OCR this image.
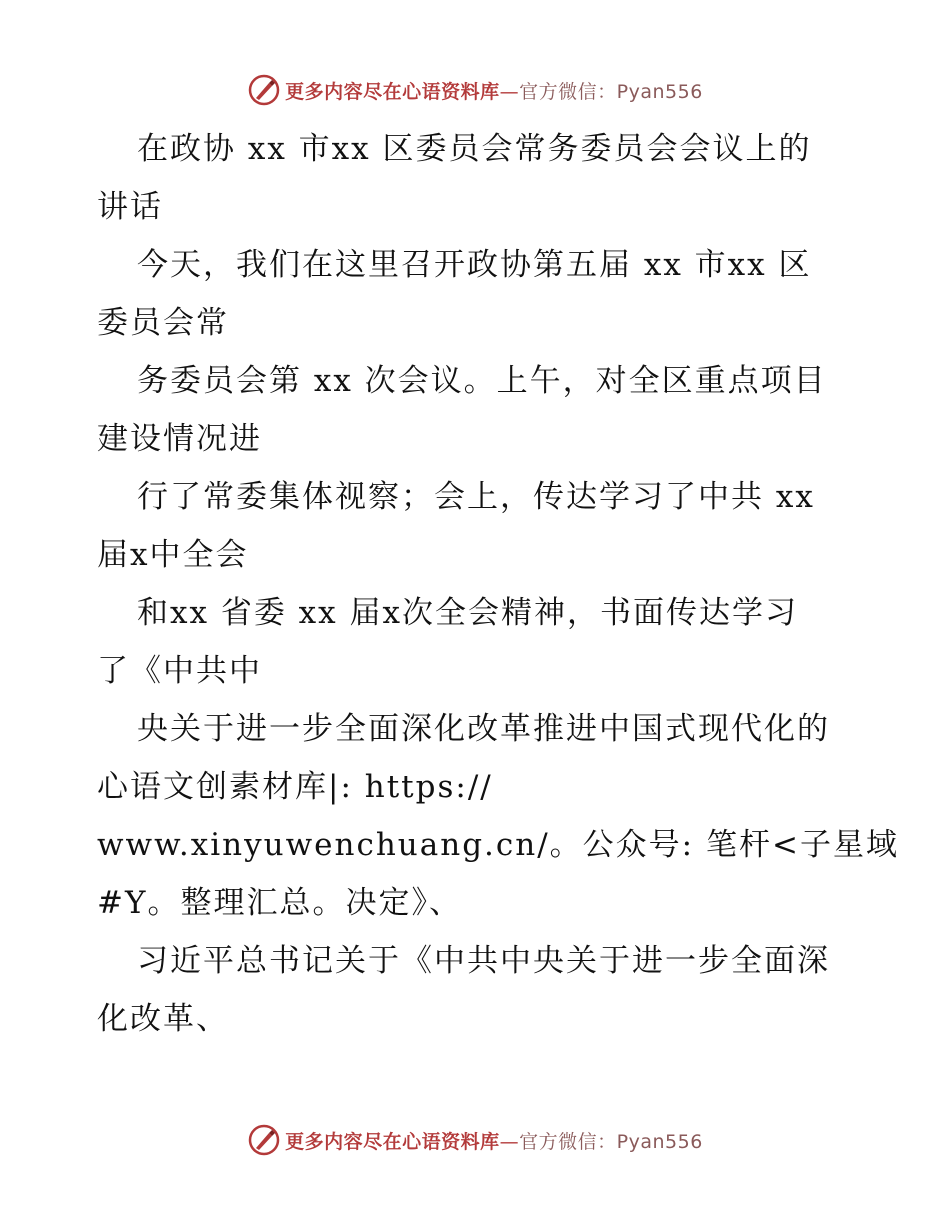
更多内容尽在心语资料库—官方微信：Pyan556
在政协 xx 市xx 区委员会常务委员会会议上的
讲话
今天，我们在这里召开政协第五届 xx 市xx 区
委员会常
务委员会第 xx 次会议。上午，对全区重点项目
建设情况进
行了常委集体视察；会上，传达学习了中共 xx
届x中全会
和xx 省委 xx 届x次全会精神，书面传达学习
了《中共中
央关于进一步全面深化改革推进中国式现代化的
心语文创素材库|: https://
www.xinyuwenchuang.cn/。公众号: 笔杆<子星域
#Y。整理汇总。决定》、
习近平总书记关于《中共中央关于进一步全面深
化改革、
更多内容尽在心语资料库—官方微信：Pyan556
